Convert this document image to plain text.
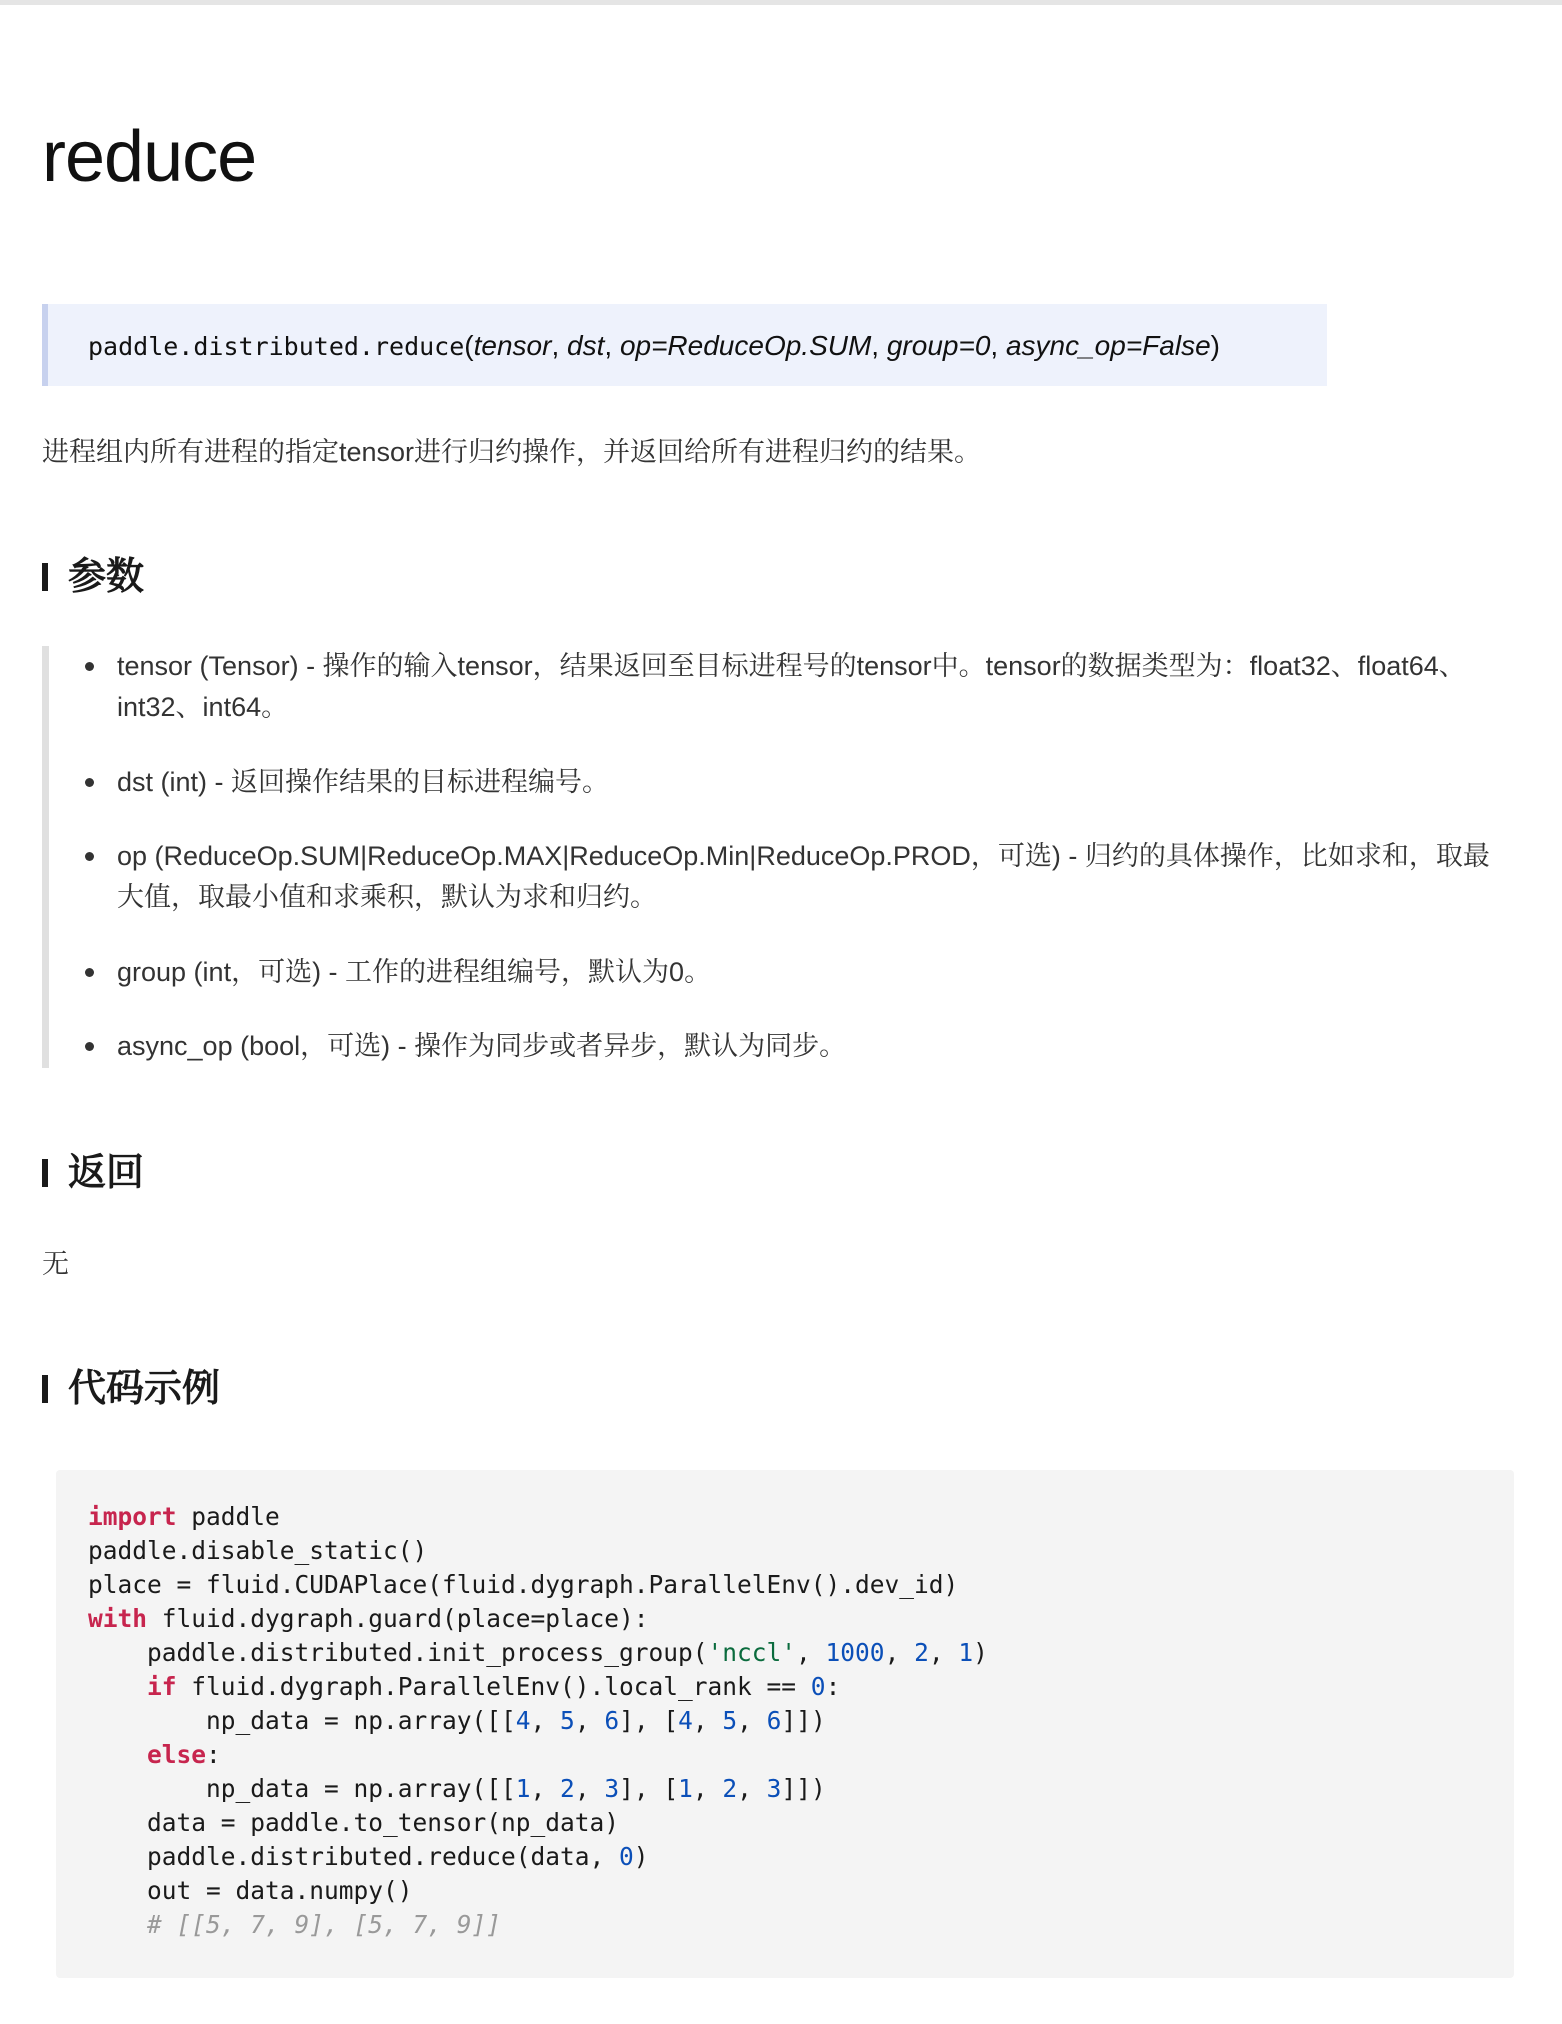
reduce
paddle.distributed.reduce(tensor, dst, op=ReduceOp.SUM, group=0, async_op=False)
进程组内所有进程的指定tensor进行归约操作，并返回给所有进程归约的结果。
参数
tensor (Tensor) - 操作的输入tensor，结果返回至目标进程号的tensor中。tensor的数据类型为：float32、float64、int32、int64。
dst (int) - 返回操作结果的目标进程编号。
op (ReduceOp.SUM|ReduceOp.MAX|ReduceOp.Min|ReduceOp.PROD，可选) - 归约的具体操作，比如求和，取最大值，取最小值和求乘积，默认为求和归约。
group (int，可选) - 工作的进程组编号，默认为0。
async_op (bool，可选) - 操作为同步或者异步，默认为同步。
返回
无
代码示例
import paddle
paddle.disable_static()
place = fluid.CUDAPlace(fluid.dygraph.ParallelEnv().dev_id)
with fluid.dygraph.guard(place=place):
paddle.distributed.init_process_group('nccl', 1000, 2, 1)
if fluid.dygraph.ParallelEnv().local_rank == 0:
np_data = np.array([[4, 5, 6], [4, 5, 6]])
else:
np_data = np.array([[1, 2, 3], [1, 2, 3]])
data = paddle.to_tensor(np_data)
paddle.distributed.reduce(data, 0)
out = data.numpy()
# [[5, 7, 9], [5, 7, 9]]
